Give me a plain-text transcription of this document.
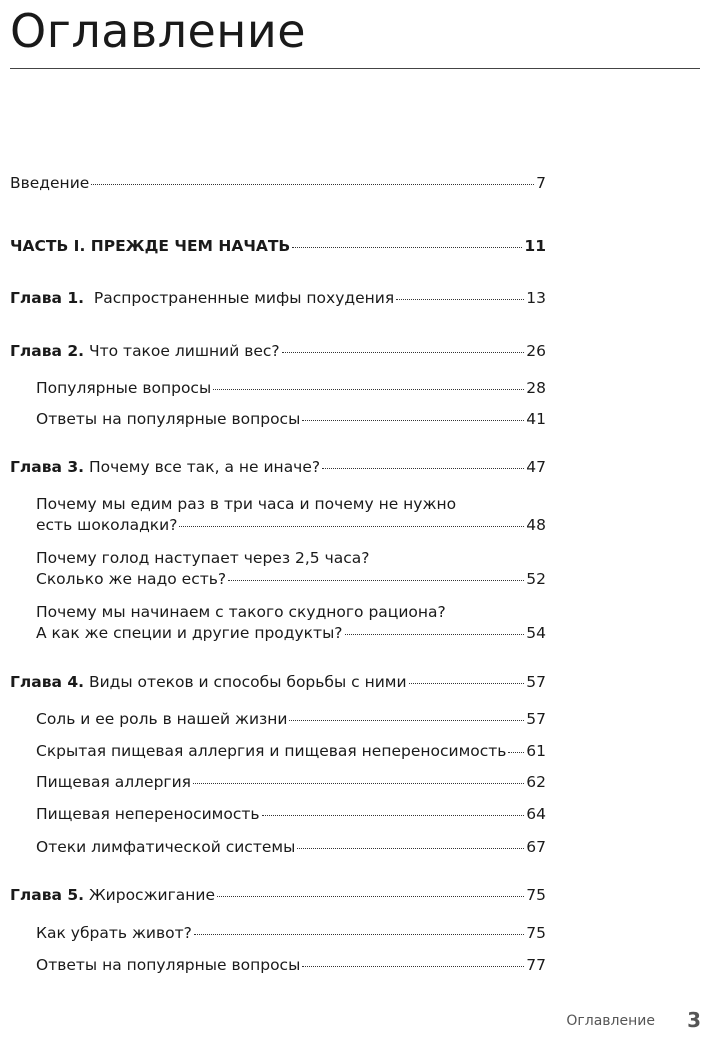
Оглавление
Введение	7
ЧАСТЬ I. ПРЕЖДЕ ЧЕМ НАЧАТЬ	11
Глава 1. Распространенные мифы похудения	13
Глава 2. Что такое лишний вес?	26
Популярные вопросы	28
Ответы на популярные вопросы	41
Глава 3. Почему все так, а не иначе?	47
Почему мы едим раз в три часа и почему не нужно
есть шоколадки?	48
Почему голод наступает через 2,5 часа?
Сколько же надо есть?	52
Почему мы начинаем с такого скудного рациона?
А как же специи и другие продукты?	54
Глава 4. Виды отеков и способы борьбы с ними	57
Соль и ее роль в нашей жизни	57
Скрытая пищевая аллергия и пищевая непереносимость 61
Пищевая аллергия	62
Пищевая непереносимость	64
Отеки лимфатической системы	67
Глава 5. Жиросжигание	75
Как убрать живот?	75
Ответы на популярные вопросы	77
Оглавление 3
